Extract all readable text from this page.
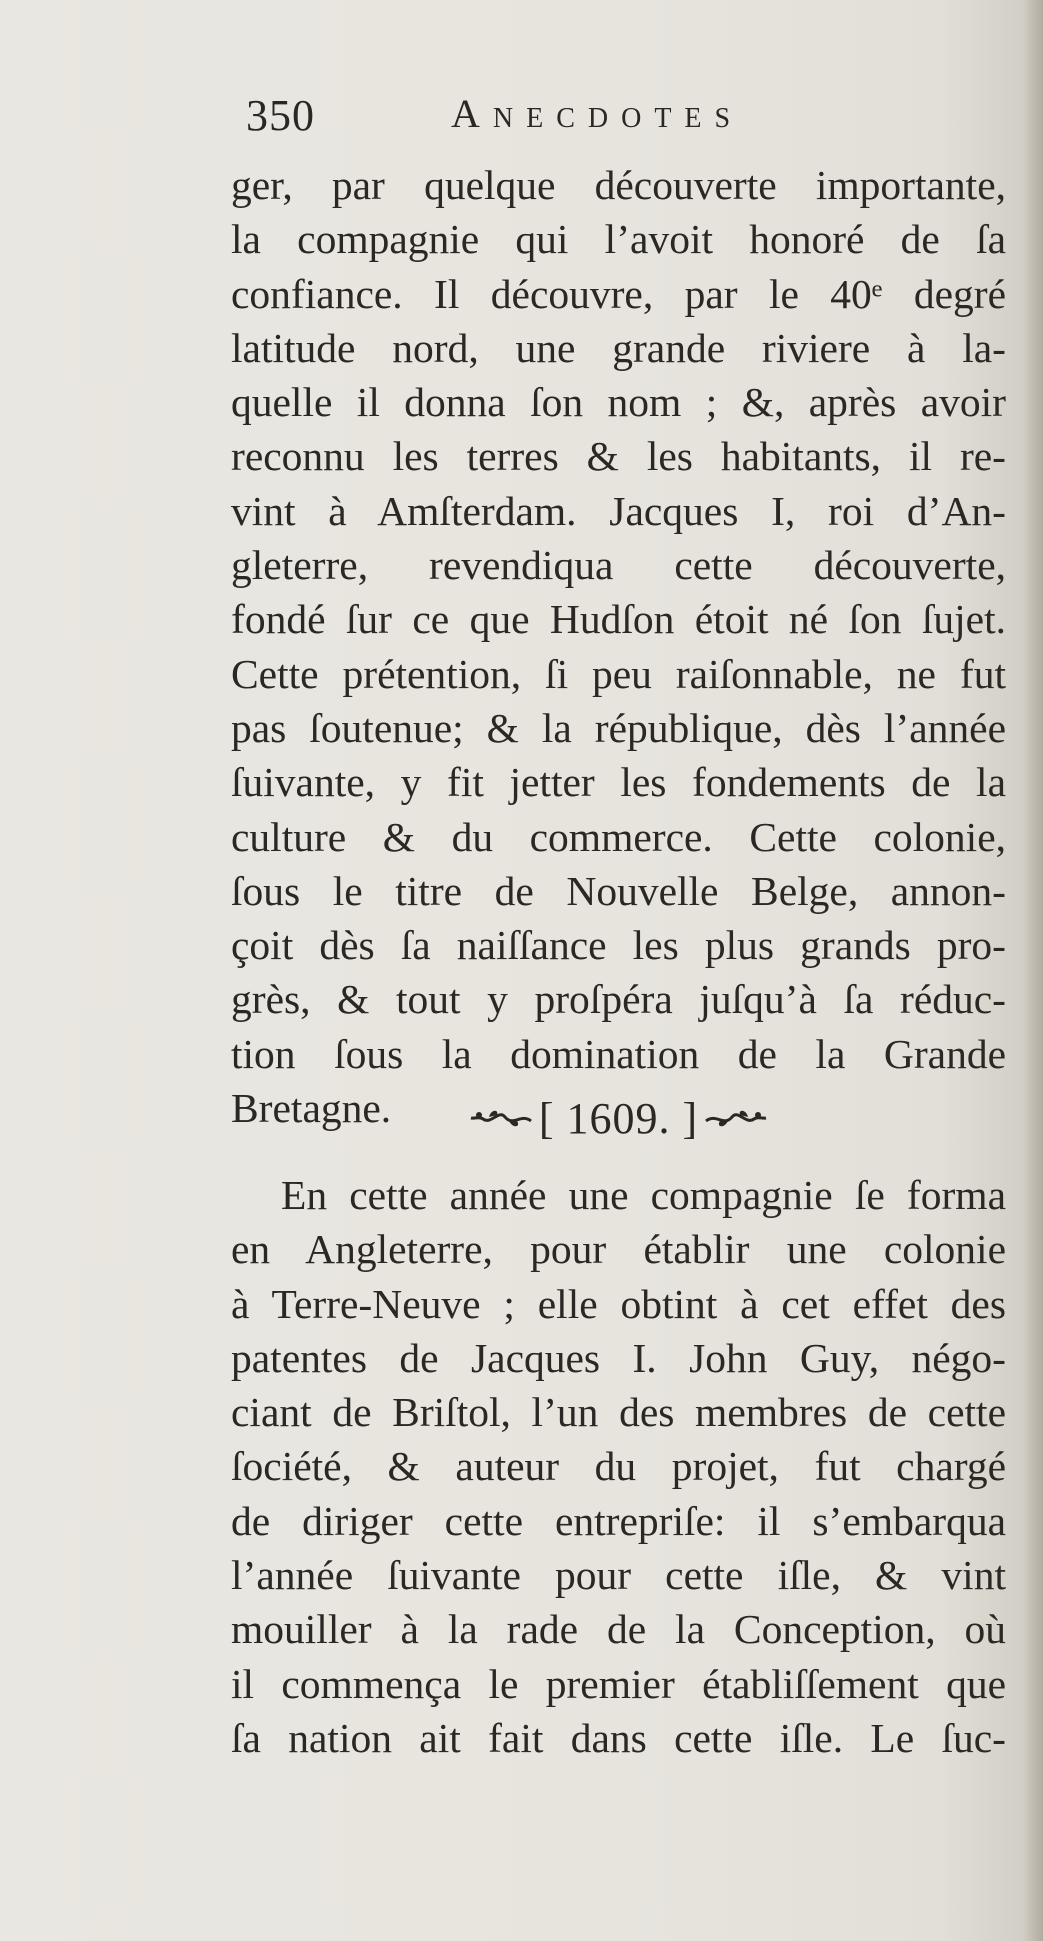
350	Anecdotes
ger, par quelque découverte importante,
la compagnie qui l’avoit honoré de ſa
confiance. Il découvre, par le 40ᵉ degré
latitude nord, une grande riviere à la-
quelle il donna ſon nom ; &, après avoir
reconnu les terres & les habitants, il re-
vint à Amſterdam. Jacques I, roi d’An-
gleterre, revendiqua cette découverte,
fondé ſur ce que Hudſon étoit né ſon ſujet.
Cette prétention, ſi peu raiſonnable, ne fut
pas ſoutenue; & la république, dès l’année
ſuivante, y fit jetter les fondements de la
culture & du commerce. Cette colonie,
ſous le titre de Nouvelle Belge, annon-
çoit dès ſa naiſſance les plus grands pro-
grès, & tout y proſpéra juſqu’à ſa réduc-
tion ſous la domination de la Grande
Bretagne.	[ 1609. ]
En cette année une compagnie ſe forma
en Angleterre, pour établir une colonie
à Terre-Neuve ; elle obtint à cet effet des
patentes de Jacques I. John Guy, négo-
ciant de Briſtol, l’un des membres de cette
ſociété, & auteur du projet, fut chargé
de diriger cette entrepriſe: il s’embarqua
l’année ſuivante pour cette iſle, & vint
mouiller à la rade de la Conception, où
il commença le premier établiſſement que
ſa nation ait fait dans cette iſle. Le ſuc-
